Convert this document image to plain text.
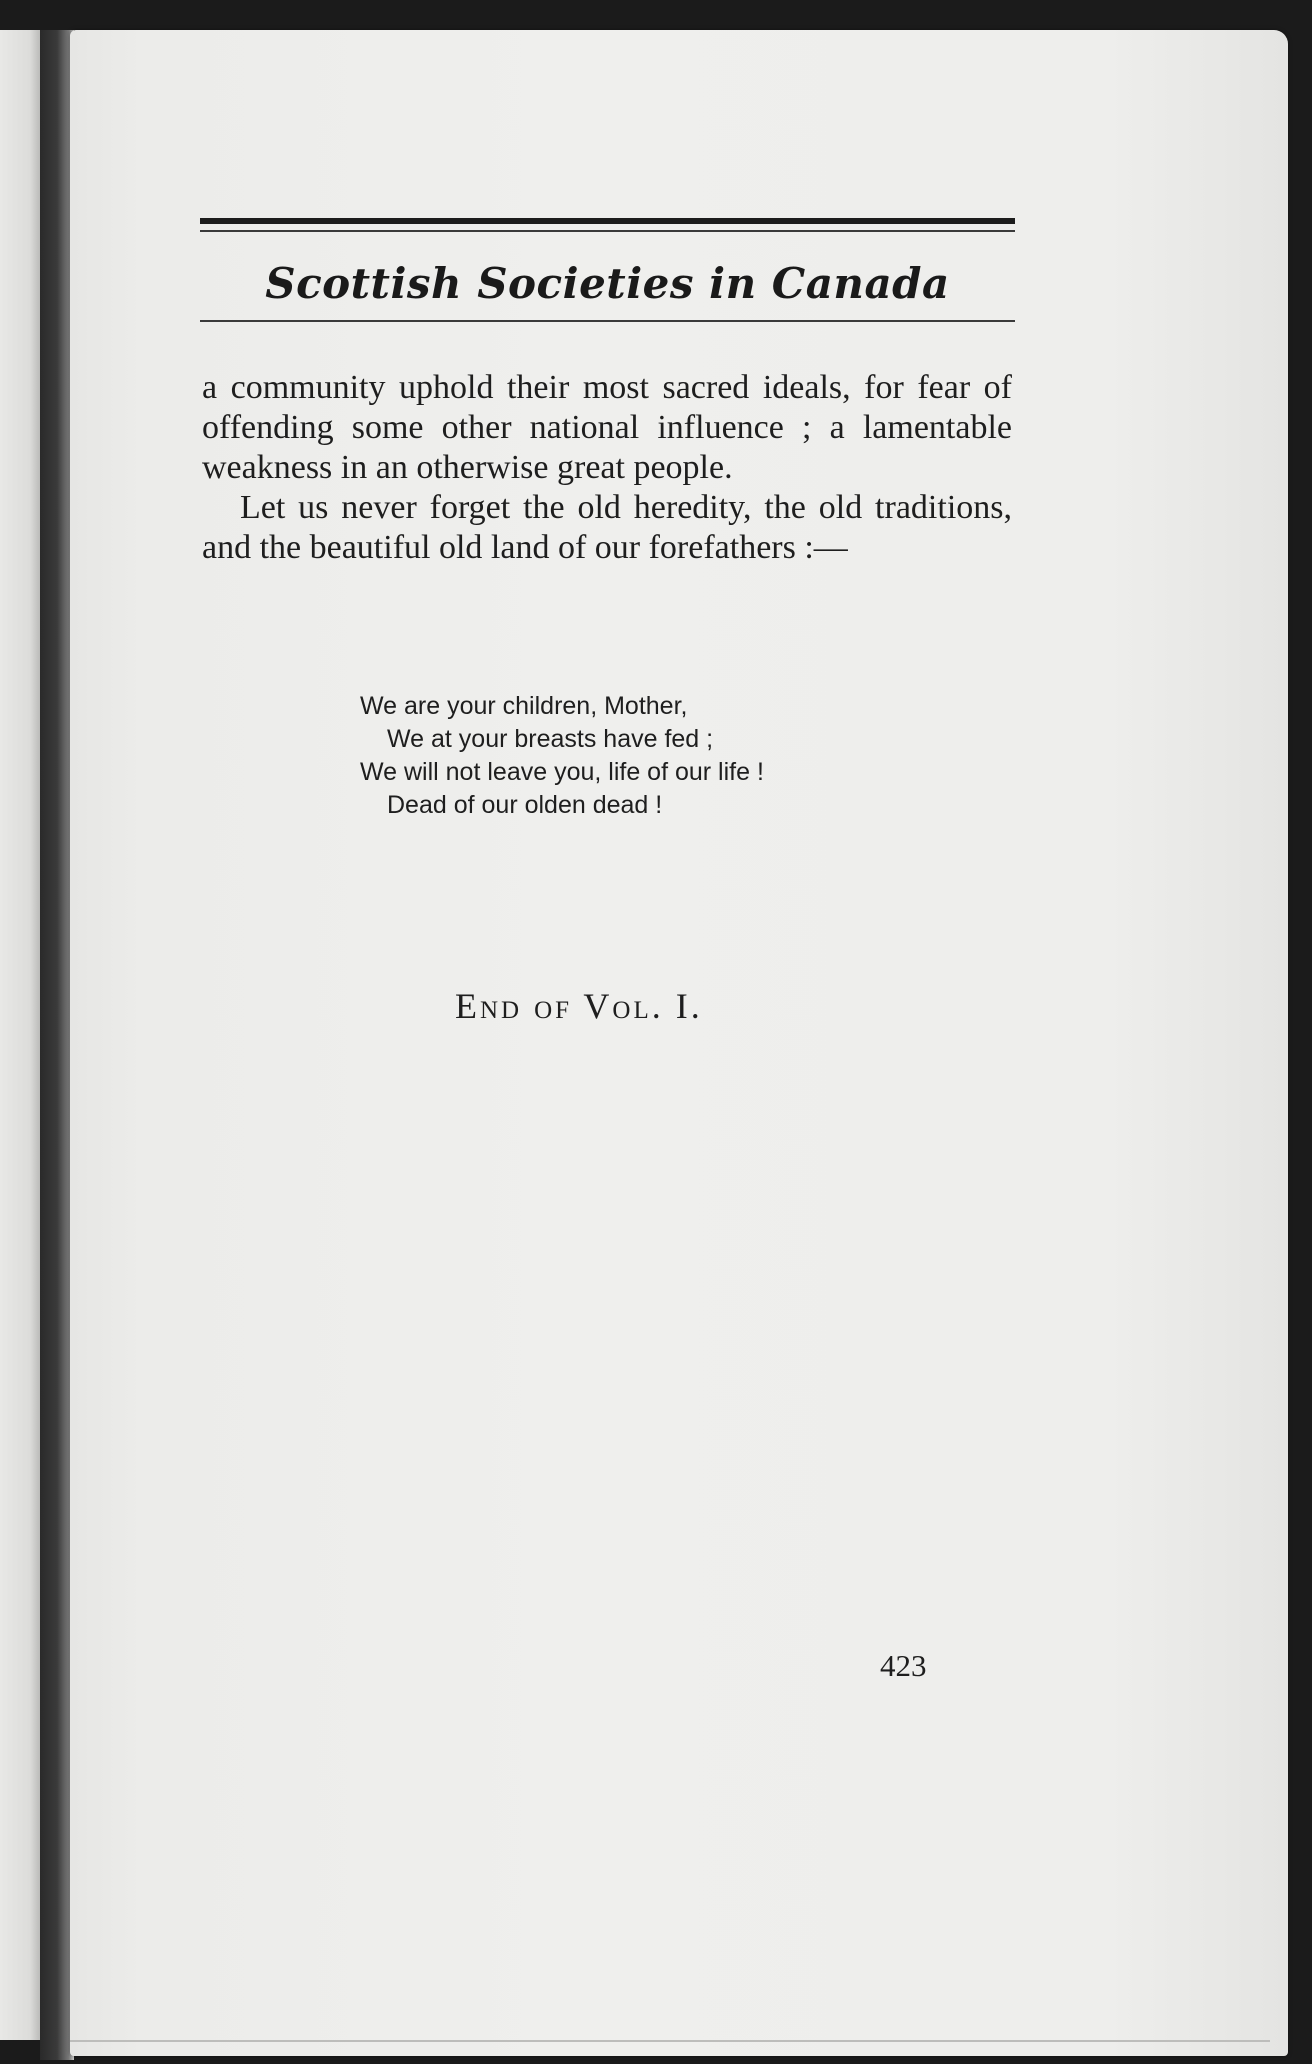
Scottish Societies in Canada

a community uphold their most sacred ideals, for fear of offending some other national influence ; a lamentable weakness in an otherwise great people.

Let us never forget the old heredity, the old traditions, and the beautiful old land of our forefathers :—

We are your children, Mother,
We at your breasts have fed ;
We will not leave you, life of our life !
Dead of our olden dead !
End of Vol. I.
423
